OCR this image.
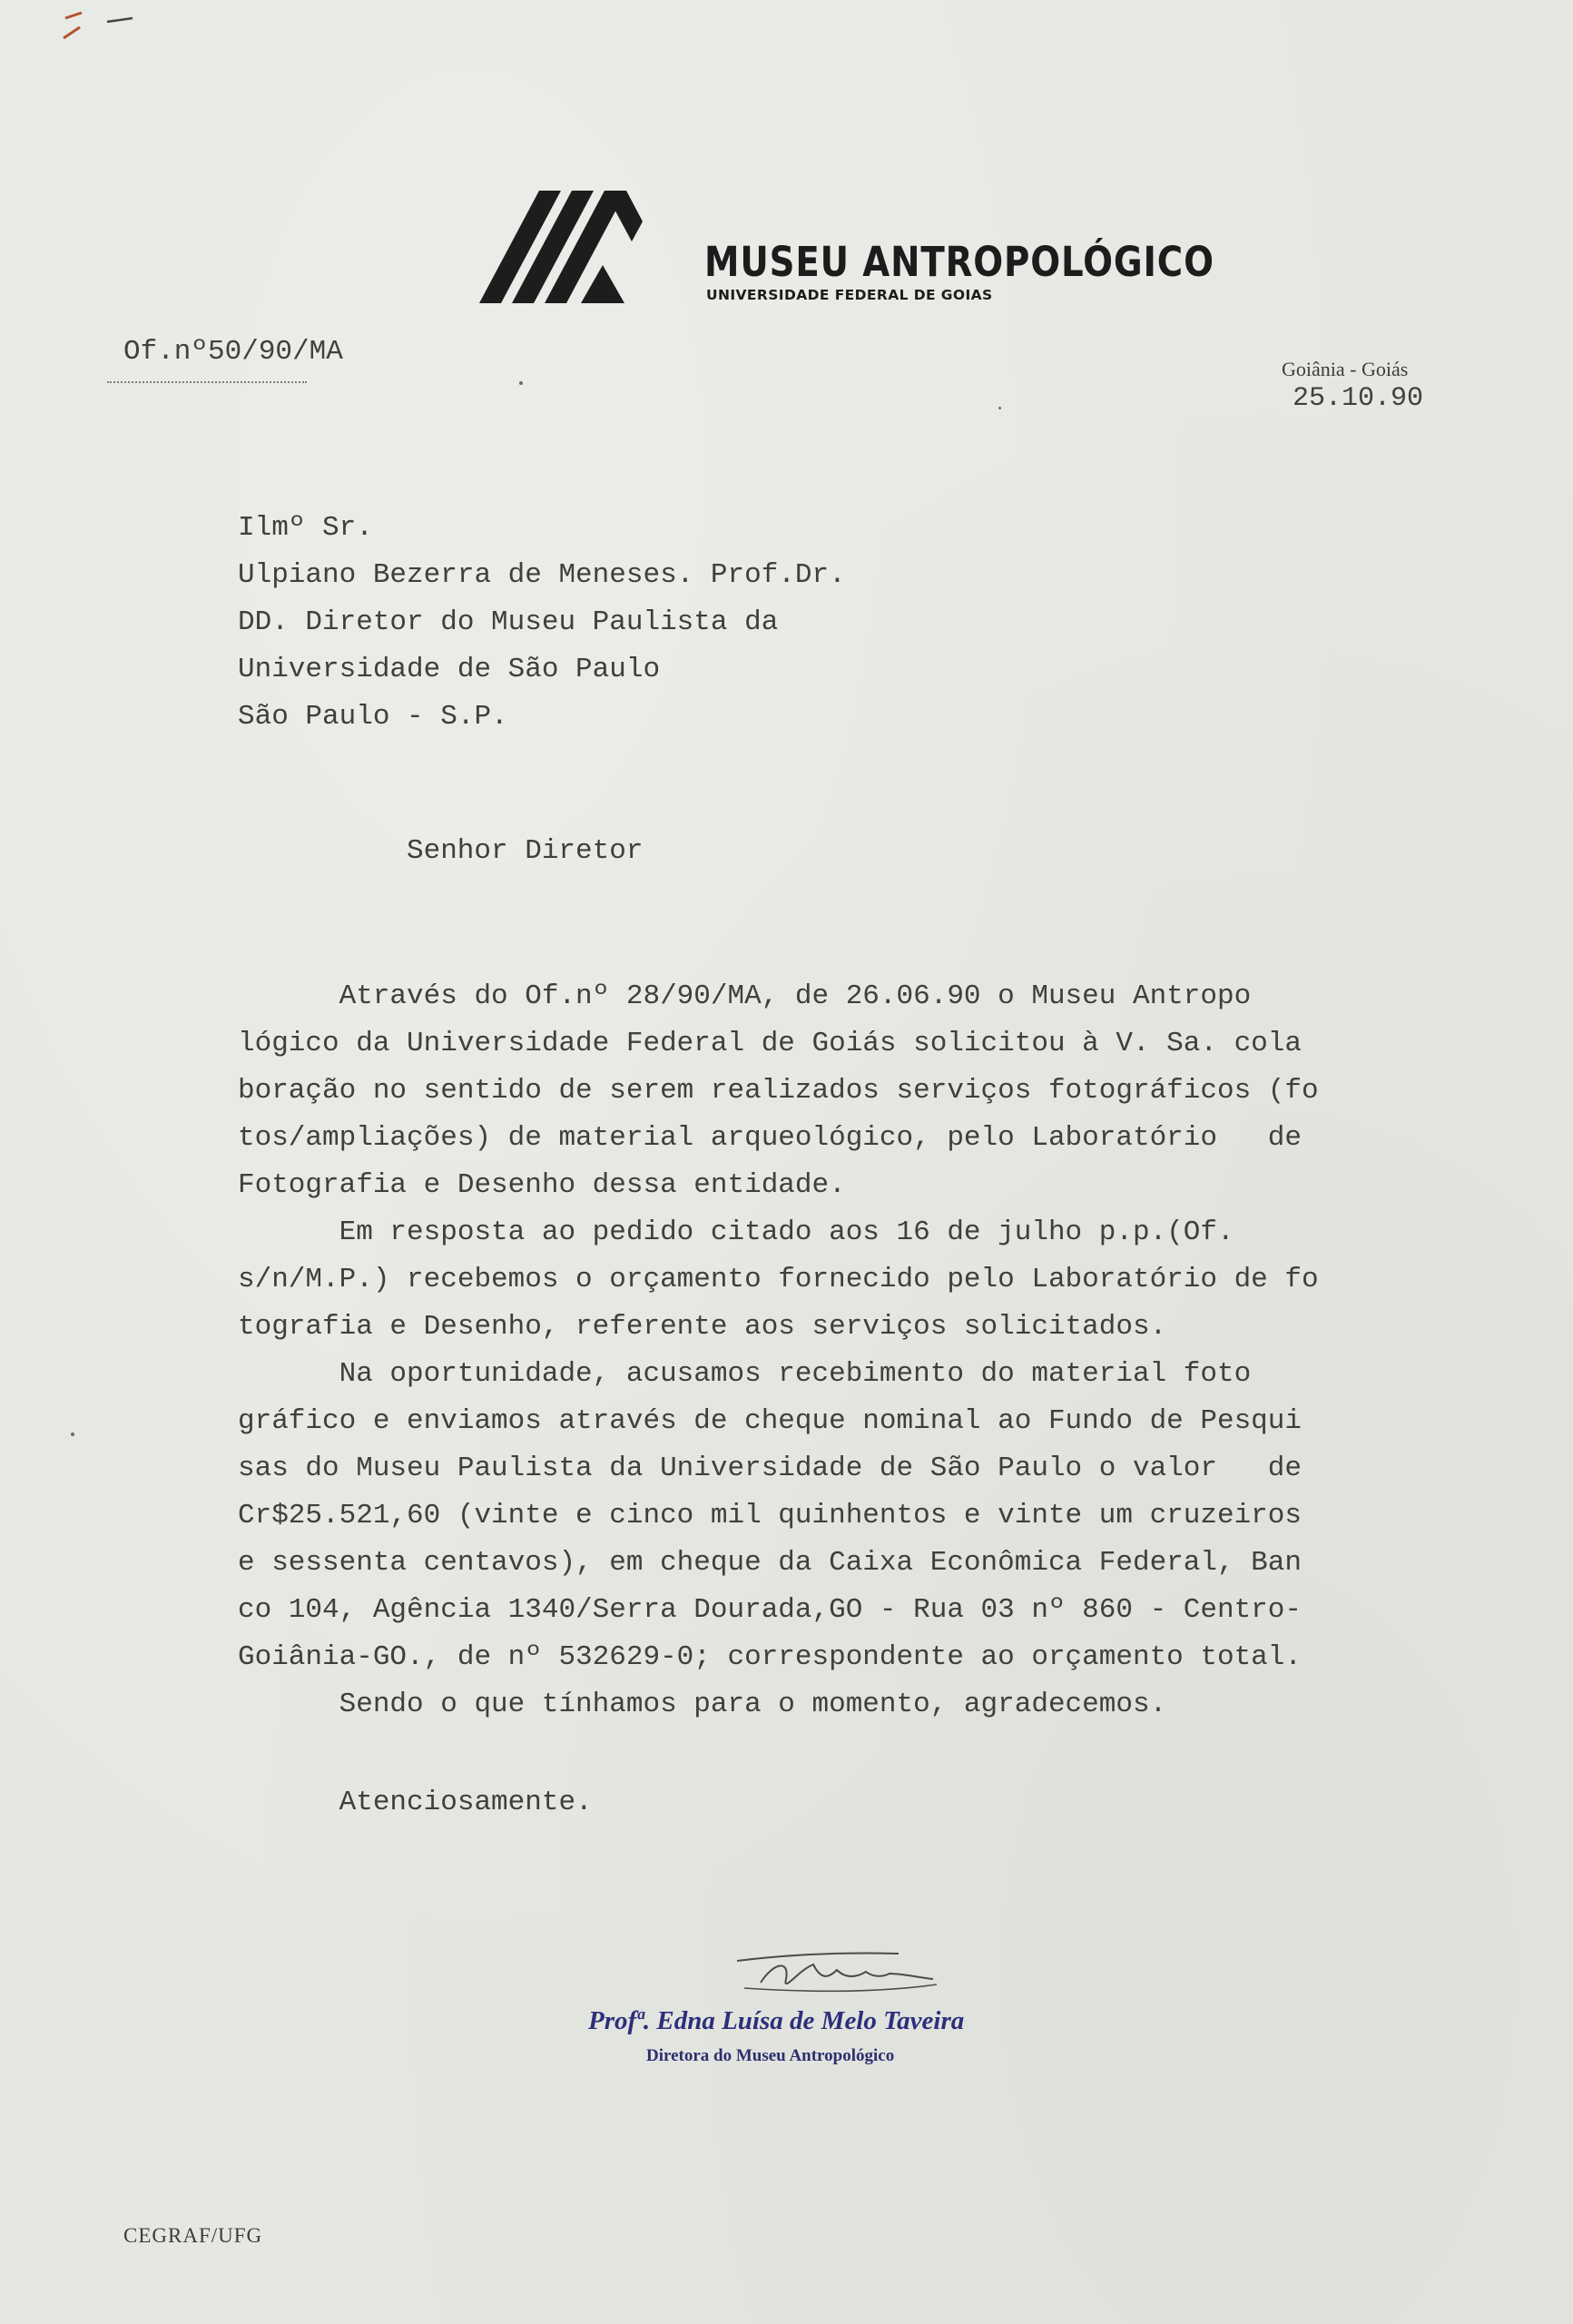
MUSEU ANTROPOLÓGICO
UNIVERSIDADE FEDERAL DE GOIAS
Of.nº50/90/MA
Goiânia - Goiás
25.10.90
Ilmº Sr.
Ulpiano Bezerra de Meneses. Prof.Dr.
DD. Diretor do Museu Paulista da
Universidade de São Paulo
São Paulo - S.P.
Senhor Diretor
Através do Of.nº 28/90/MA, de 26.06.90 o Museu Antropo
lógico da Universidade Federal de Goiás solicitou à V. Sa. cola
boração no sentido de serem realizados serviços fotográficos (fo
tos/ampliações) de material arqueológico, pelo Laboratório   de
Fotografia e Desenho dessa entidade.
Em resposta ao pedido citado aos 16 de julho p.p.(Of.
s/n/M.P.) recebemos o orçamento fornecido pelo Laboratório de fo
tografia e Desenho, referente aos serviços solicitados.
Na oportunidade, acusamos recebimento do material foto
gráfico e enviamos através de cheque nominal ao Fundo de Pesqui
sas do Museu Paulista da Universidade de São Paulo o valor   de
Cr$25.521,60 (vinte e cinco mil quinhentos e vinte um cruzeiros
e sessenta centavos), em cheque da Caixa Econômica Federal, Ban
co 104, Agência 1340/Serra Dourada,GO - Rua 03 nº 860 - Centro-
Goiânia-GO., de nº 532629-0; correspondente ao orçamento total.
Sendo o que tínhamos para o momento, agradecemos.
Atenciosamente.
Profª. Edna Luísa de Melo Taveira
Diretora do Museu Antropológico
CEGRAF/UFG
